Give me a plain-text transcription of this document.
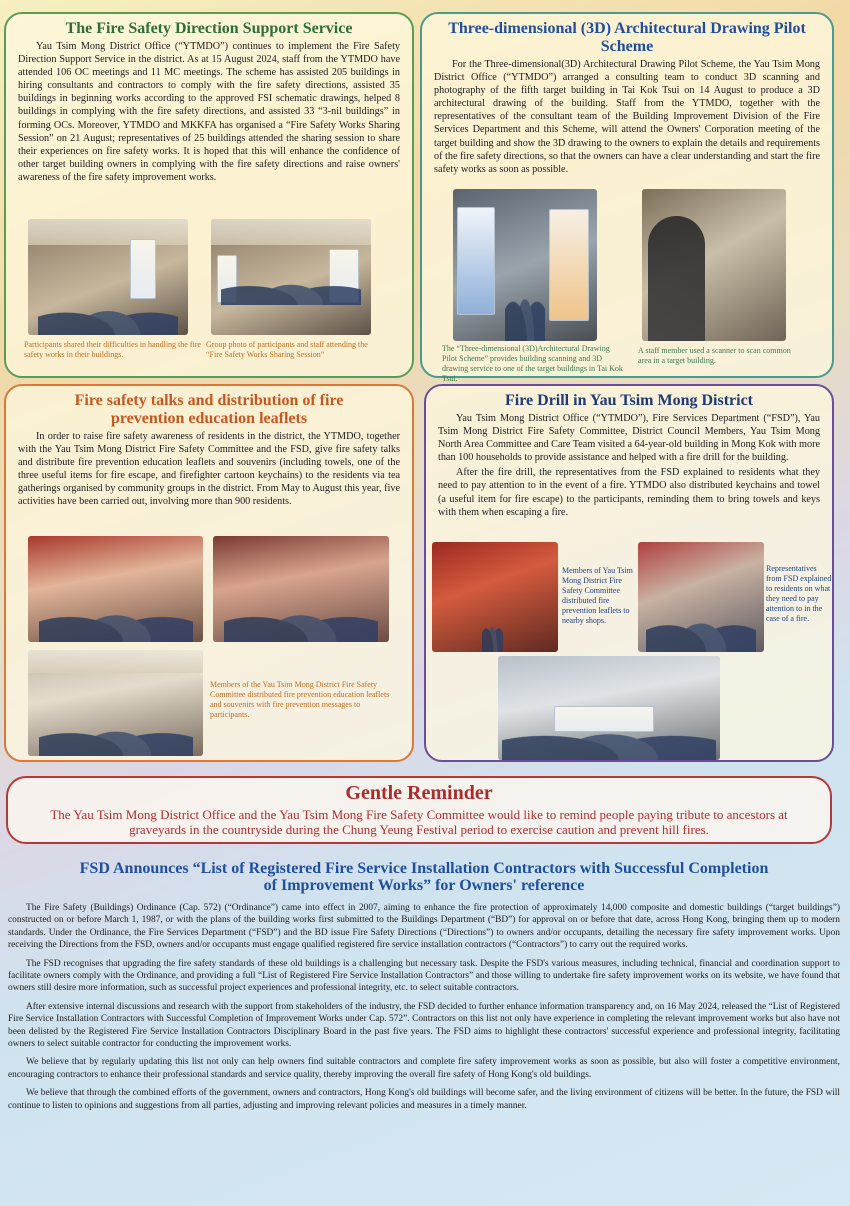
The Fire Safety Direction Support Service

Yau Tsim Mong District Office (“YTMDO”) continues to implement the Fire Safety Direction Support Service in the district. As at 15 August 2024, staff from the YTMDO have attended 106 OC meetings and 11 MC meetings. The scheme has assisted 205 buildings in hiring consultants and contractors to comply with the fire safety directions, assisted 35 buildings in beginning works according to the approved FSI schematic drawings, helped 8 buildings in complying with the fire safety directions, and assisted 33 “3-nil buildings” in forming OCs. Moreover, YTMDO and MKKFA has organised a “Fire Safety Works Sharing Session” on 21 August; representatives of 25 buildings attended the sharing session to share their experiences on fire safety works. It is hoped that this will enhance the confidence of other target building owners in complying with the fire safety directions and raise owners' awareness of the fire safety improvement works.

Participants shared their difficulties in handling the fire safety works in their buildings.

Group photo of participants and staff attending the “Fire Safety Works Sharing Session”

Three-dimensional (3D) Architectural Drawing Pilot Scheme

For the Three-dimensional(3D) Architectural Drawing Pilot Scheme, the Yau Tsim Mong District Office (“YTMDO”) arranged a consulting team to conduct 3D scanning and photography of the fifth target building in Tai Kok Tsui on 14 August to produce a 3D architectural drawing of the building. Staff from the YTMDO, together with the representatives of the consultant team of the Building Improvement Division of the Fire Services Department and this Scheme, will attend the Owners' Corporation meeting of the target building and show the 3D drawing to the owners to explain the details and requirements of the fire safety directions, so that the owners can have a clear understanding and start the fire safety works as soon as possible.

The “Three-dimensional (3D)Architectural Drawing Pilot Scheme” provides building scanning and 3D drawing service to one of the target buildings in Tai Kok Tsui.

A staff member used a scanner to scan common area in a target building.

Fire safety talks and distribution of fire prevention education leaflets

In order to raise fire safety awareness of residents in the district, the YTMDO, together with the Yau Tsim Mong District Fire Safety Committee and the FSD, give fire safety talks and distribute fire prevention education leaflets and souvenirs (including towels, one of the three useful items for fire escape, and firefighter cartoon keychains) to the residents via tea gatherings organised by community groups in the district. From May to August this year, five activities have been carried out, involving more than 900 residents.

Members of the Yau Tsim Mong District Fire Safety Committee distributed fire prevention education leaflets and souvenirs with fire prevention messages to participants.

Fire Drill in Yau Tsim Mong District

Yau Tsim Mong District Office (“YTMDO”), Fire Services Department (“FSD”), Yau Tsim Mong District Fire Safety Committee, District Council Members, Yau Tsim Mong North Area Committee and Care Team visited a 64-year-old building in Mong Kok with more than 100 households to provide assistance and helped with a fire drill for the building.

After the fire drill, the representatives from the FSD explained to residents what they need to pay attention to in the event of a fire. YTMDO also distributed keychains and towel (a useful item for fire escape) to the participants, reminding them to bring towels and keys with them when escaping a fire.

Members of Yau Tsim Mong District Fire Safety Committee distributed fire prevention leaflets to nearby shops.

Representatives from FSD explained to residents on what they need to pay attention to in the case of a fire.

Gentle Reminder

The Yau Tsim Mong District Office and the Yau Tsim Mong Fire Safety Committee would like to remind people paying tribute to ancestors at graveyards in the countryside during the Chung Yeung Festival period to exercise caution and prevent hill fires.

FSD Announces “List of Registered Fire Service Installation Contractors with Successful Completion
of Improvement Works” for Owners' reference

The Fire Safety (Buildings) Ordinance (Cap. 572) (“Ordinance”) came into effect in 2007, aiming to enhance the fire protection of approximately 14,000 composite and domestic buildings (“target buildings”) constructed on or before March 1, 1987, or with the plans of the building works first submitted to the Buildings Department (“BD”) for approval on or before that date, across Hong Kong, bringing them up to modern standards. Under the Ordinance, the Fire Services Department (“FSD”) and the BD issue Fire Safety Directions (“Directions”) to owners and/or occupants, detailing the necessary fire safety improvement works. Upon receiving the Directions from the FSD, owners and/or occupants must engage qualified registered fire service installation contractors (“Contractors”) to carry out the required works.

The FSD recognises that upgrading the fire safety standards of these old buildings is a challenging but necessary task. Despite the FSD's various measures, including technical, financial and coordination support to facilitate owners comply with the Ordinance, and providing a full “List of Registered Fire Service Installation Contractors” and those willing to undertake fire safety improvement works on its website, we have found that owners still desire more information, such as successful project experiences and professional integrity, etc. to select suitable contractors.

After extensive internal discussions and research with the support from stakeholders of the industry, the FSD decided to further enhance information transparency and, on 16 May 2024, released the “List of Registered Fire Service Installation Contractors with Successful Completion of Improvement Works under Cap. 572”. Contractors on this list not only have experience in completing the relevant improvement works but also have not been delisted by the Registered Fire Service Installation Contractors Disciplinary Board in the past five years. The FSD aims to highlight these contractors' successful experience and professional integrity, facilitating owners to select suitable contractor for conducting the improvement works.

We believe that by regularly updating this list not only can help owners find suitable contractors and complete fire safety improvement works as soon as possible, but also will foster a competitive environment, encouraging contractors to enhance their professional standards and service quality, thereby improving the overall fire safety of Hong Kong's old buildings.

We believe that through the combined efforts of the government, owners and contractors, Hong Kong's old buildings will become safer, and the living environment of citizens will be better. In the future, the FSD will continue to listen to opinions and suggestions from all parties, adjusting and improving relevant policies and measures in a timely manner.
